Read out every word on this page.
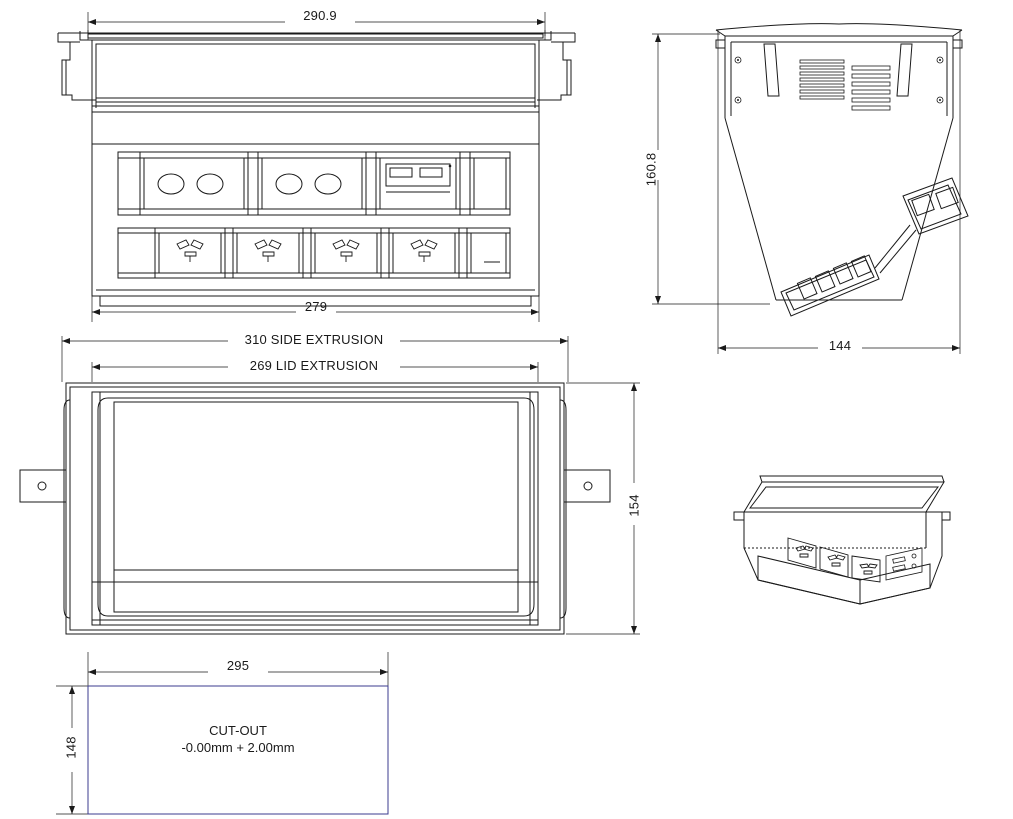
290.9
279
160.8
144
310 SIDE EXTRUSION
269 LID EXTRUSION
154
295
148
CUT-OUT
-0.00mm + 2.00mm
